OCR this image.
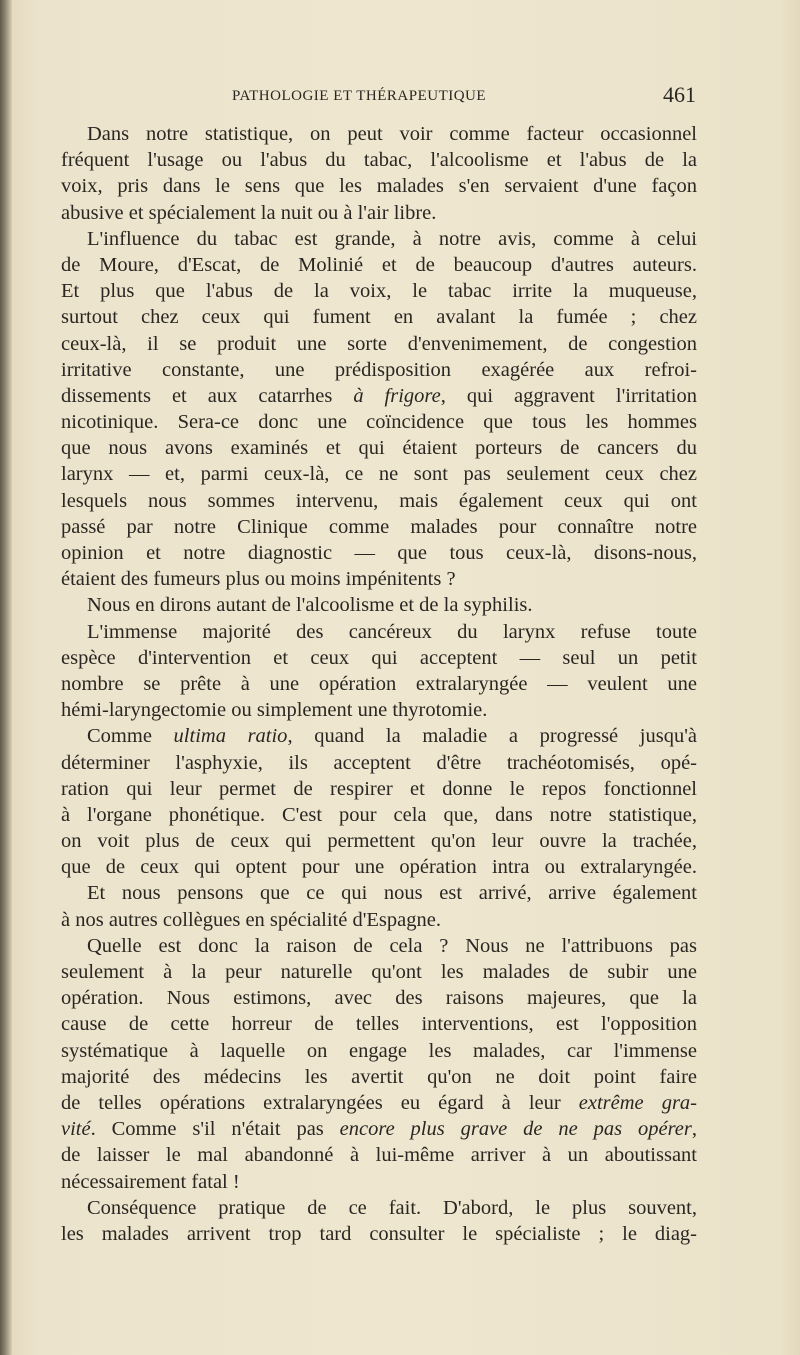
PATHOLOGIE ET THÉRAPEUTIQUE	461
Dans notre statistique, on peut voir comme facteur occasionnel
fréquent l'usage ou l'abus du tabac, l'alcoolisme et l'abus de la
voix, pris dans le sens que les malades s'en servaient d'une façon
abusive et spécialement la nuit ou à l'air libre.
L'influence du tabac est grande, à notre avis, comme à celui
de Moure, d'Escat, de Molinié et de beaucoup d'autres auteurs.
Et plus que l'abus de la voix, le tabac irrite la muqueuse,
surtout chez ceux qui fument en avalant la fumée ; chez
ceux-là, il se produit une sorte d'envenimement, de congestion
irritative constante, une prédisposition exagérée aux refroi-
dissements et aux catarrhes à frigore, qui aggravent l'irritation
nicotinique. Sera-ce donc une coïncidence que tous les hommes
que nous avons examinés et qui étaient porteurs de cancers du
larynx — et, parmi ceux-là, ce ne sont pas seulement ceux chez
lesquels nous sommes intervenu, mais également ceux qui ont
passé par notre Clinique comme malades pour connaître notre
opinion et notre diagnostic — que tous ceux-là, disons-nous,
étaient des fumeurs plus ou moins impénitents ?
Nous en dirons autant de l'alcoolisme et de la syphilis.
L'immense majorité des cancéreux du larynx refuse toute
espèce d'intervention et ceux qui acceptent — seul un petit
nombre se prête à une opération extralaryngée — veulent une
hémi-laryngectomie ou simplement une thyrotomie.
Comme ultima ratio, quand la maladie a progressé jusqu'à
déterminer l'asphyxie, ils acceptent d'être trachéotomisés, opé-
ration qui leur permet de respirer et donne le repos fonctionnel
à l'organe phonétique. C'est pour cela que, dans notre statistique,
on voit plus de ceux qui permettent qu'on leur ouvre la trachée,
que de ceux qui optent pour une opération intra ou extralaryngée.
Et nous pensons que ce qui nous est arrivé, arrive également
à nos autres collègues en spécialité d'Espagne.
Quelle est donc la raison de cela ? Nous ne l'attribuons pas
seulement à la peur naturelle qu'ont les malades de subir une
opération. Nous estimons, avec des raisons majeures, que la
cause de cette horreur de telles interventions, est l'opposition
systématique à laquelle on engage les malades, car l'immense
majorité des médecins les avertit qu'on ne doit point faire
de telles opérations extralaryngées eu égard à leur extrême gra-
vité. Comme s'il n'était pas encore plus grave de ne pas opérer,
de laisser le mal abandonné à lui-même arriver à un aboutissant
nécessairement fatal !
Conséquence pratique de ce fait. D'abord, le plus souvent,
les malades arrivent trop tard consulter le spécialiste ; le diag-
